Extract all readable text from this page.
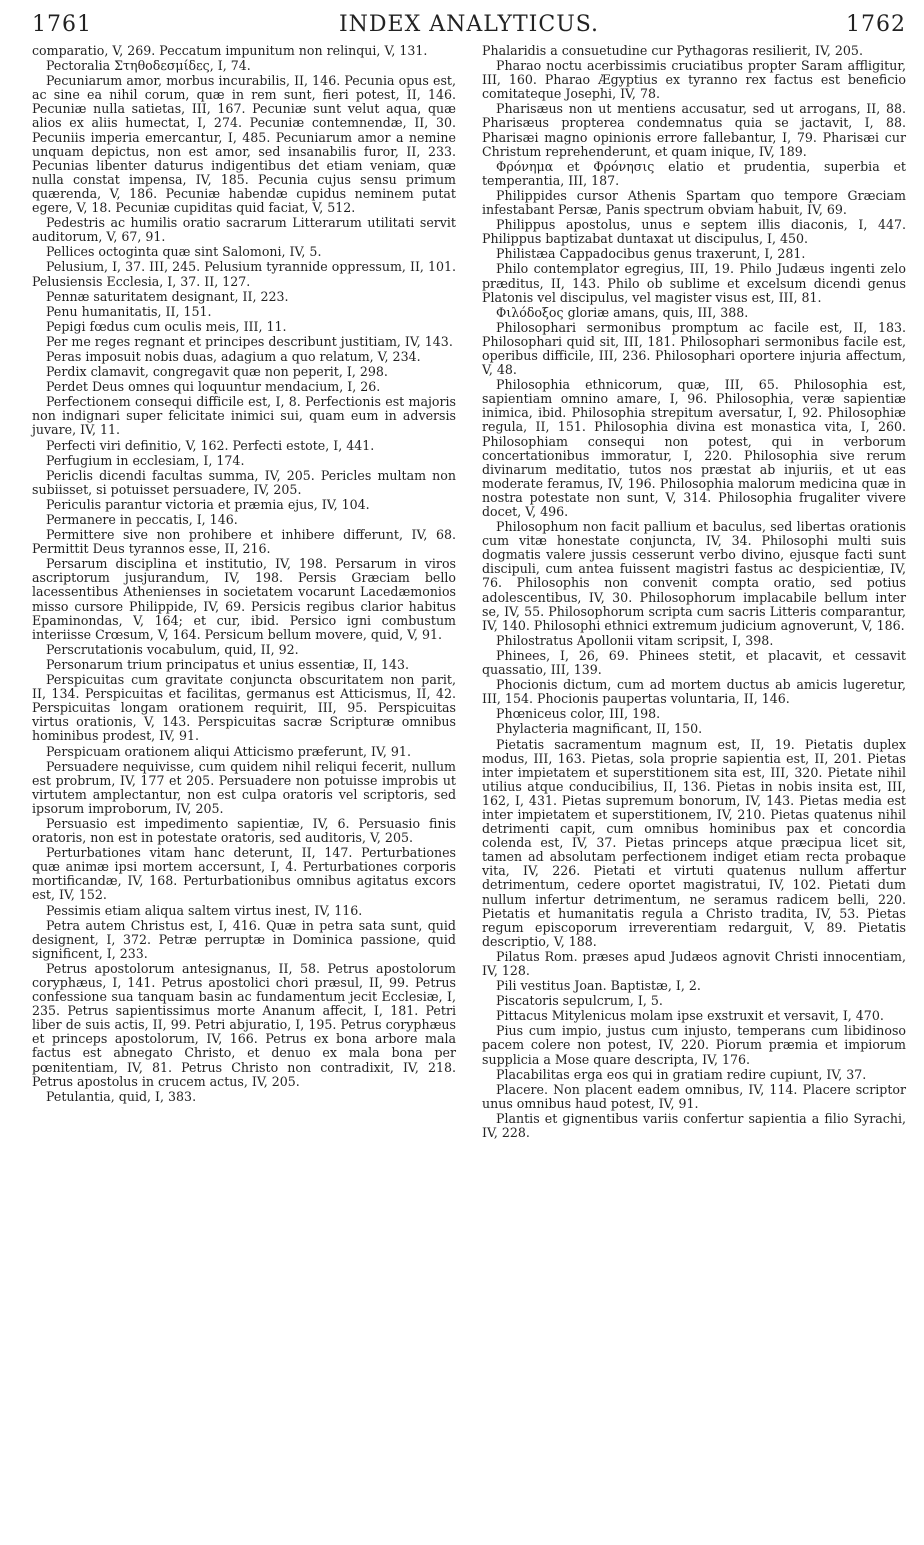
INDEX ANALYTICUS.
1761	1762

comparatio, V, 269. Peccatum impunitum non relinqui, V, 131.

Pectoralia Στηθοδεσμίδες, I, 74.

Pecuniarum amor, morbus incurabilis, II, 146. Pecunia opus est, ac sine ea nihil corum, quæ in rem sunt, fieri potest, II, 146. Pecuniæ nulla satietas, III, 167. Pecuniæ sunt velut aqua, quæ alios ex aliis humectat, I, 274. Pecuniæ contemnendæ, II, 30. Pecuniis imperia emercantur, I, 485. Pecuniarum amor a nemine unquam depictus, non est amor, sed insanabilis furor, II, 233. Pecunias libenter daturus indigentibus det etiam veniam, quæ nulla constat impensa, IV, 185. Pecunia cujus sensu primum quærenda, V, 186. Pecuniæ habendæ cupidus neminem putat egere, V, 18. Pecuniæ cupiditas quid faciat, V, 512.

Pedestris ac humilis oratio sacrarum Litterarum utilitati servit auditorum, V, 67, 91.

Pellices octoginta quæ sint Salomoni, IV, 5.

Pelusium, I, 37. III, 245. Pelusium tyrannide oppressum, II, 101. Pelusiensis Ecclesia, I, 37. II, 127.

Pennæ saturitatem designant, II, 223.

Penu humanitatis, II, 151.

Pepigi fœdus cum oculis meis, III, 11.

Per me reges regnant et principes describunt justitiam, IV, 143.

Peras imposuit nobis duas, adagium a quo relatum, V, 234.

Perdix clamavit, congregavit quæ non peperit, I, 298.

Perdet Deus omnes qui loquuntur mendacium, I, 26.

Perfectionem consequi difficile est, I, 8. Perfectionis est majoris non indignari super felicitate inimici sui, quam eum in adversis juvare, IV, 11.

Perfecti viri definitio, V, 162. Perfecti estote, I, 441.

Perfugium in ecclesiam, I, 174.

Periclis dicendi facultas summa, IV, 205. Pericles multam non subiisset, si potuisset persuadere, IV, 205.

Periculis parantur victoria et præmia ejus, IV, 104.

Permanere in peccatis, I, 146.

Permittere sive non prohibere et inhibere differunt, IV, 68. Permittit Deus tyrannos esse, II, 216.

Persarum disciplina et institutio, IV, 198. Persarum in viros ascriptorum jusjurandum, IV, 198. Persis Græciam bello lacessentibus Athenienses in societatem vocarunt Lacedæmonios misso cursore Philippide, IV, 69. Persicis regibus clarior habitus Epaminondas, V, 164; et cur, ibid. Persico igni combustum interiisse Crœsum, V, 164. Persicum bellum movere, quid, V, 91.

Perscrutationis vocabulum, quid, II, 92.

Personarum trium principatus et unius essentiæ, II, 143.

Perspicuitas cum gravitate conjuncta obscuritatem non parit, II, 134. Perspicuitas et facilitas, germanus est Atticismus, II, 42. Perspicuitas longam orationem requirit, III, 95. Perspicuitas virtus orationis, V, 143. Perspicuitas sacræ Scripturæ omnibus hominibus prodest, IV, 91.

Perspicuam orationem aliqui Atticismo præferunt, IV, 91.

Persuadere nequivisse, cum quidem nihil reliqui fecerit, nullum est probrum, IV, 177 et 205. Persuadere non potuisse improbis ut virtutem amplectantur, non est culpa oratoris vel scriptoris, sed ipsorum improborum, IV, 205.

Persuasio est impedimento sapientiæ, IV, 6. Persuasio finis oratoris, non est in potestate oratoris, sed auditoris, V, 205.

Perturbationes vitam hanc deterunt, II, 147. Perturbationes quæ animæ ipsi mortem accersunt, I, 4. Perturbationes corporis mortificandæ, IV, 168. Perturbationibus omnibus agitatus excors est, IV, 152.

Pessimis etiam aliqua saltem virtus inest, IV, 116.

Petra autem Christus est, I, 416. Quæ in petra sata sunt, quid designent, I, 372. Petræ perruptæ in Dominica passione, quid significent, I, 233.

Petrus apostolorum antesignanus, II, 58. Petrus apostolorum coryphæus, I, 141. Petrus apostolici chori præsul, II, 99. Petrus confessione sua tanquam basin ac fundamentum jecit Ecclesiæ, I, 235. Petrus sapientissimus morte Ananum affecit, I, 181. Petri liber de suis actis, II, 99. Petri abjuratio, I, 195. Petrus coryphæus et princeps apostolorum, IV, 166. Petrus ex bona arbore mala factus est abnegato Christo, et denuo ex mala bona per pœnitentiam, IV, 81. Petrus Christo non contradixit, IV, 218. Petrus apostolus in crucem actus, IV, 205.

Petulantia, quid, I, 383.

Phalaridis a consuetudine cur Pythagoras resilierit, IV, 205.

Pharao noctu acerbissimis cruciatibus propter Saram affligitur, III, 160. Pharao Ægyptius ex tyranno rex factus est beneficio comitateque Josephi, IV, 78.

Pharisæus non ut mentiens accusatur, sed ut arrogans, II, 88. Pharisæus propterea condemnatus quia se jactavit, I, 88. Pharisæi magno opinionis errore fallebantur, I, 79. Pharisæi cur Christum reprehenderunt, et quam inique, IV, 189.

Φρόνημα et Φρόνησις elatio et prudentia, superbia et temperantia, III, 187.

Philippides cursor Athenis Spartam quo tempore Græciam infestabant Persæ, Panis spectrum obviam habuit, IV, 69.

Philippus apostolus, unus e septem illis diaconis, I, 447. Philippus baptizabat duntaxat ut discipulus, I, 450.

Philistæa Cappadocibus genus traxerunt, I, 281.

Philo contemplator egregius, III, 19. Philo Judæus ingenti zelo præditus, II, 143. Philo ob sublime et excelsum dicendi genus Platonis vel discipulus, vel magister visus est, III, 81.

Φιλόδοξος gloriæ amans, quis, III, 388.

Philosophari sermonibus promptum ac facile est, II, 183. Philosophari quid sit, III, 181. Philosophari sermonibus facile est, operibus difficile, III, 236. Philosophari oportere injuria affectum, V, 48.

Philosophia ethnicorum, quæ, III, 65. Philosophia est, sapientiam omnino amare, I, 96. Philosophia, veræ sapientiæ inimica, ibid. Philosophia strepitum aversatur, I, 92. Philosophiæ regula, II, 151. Philosophia divina est monastica vita, I, 260. Philosophiam consequi non potest, qui in verborum concertationibus immoratur, I, 220. Philosophia sive rerum divinarum meditatio, tutos nos præstat ab injuriis, et ut eas moderate feramus, IV, 196. Philosophia malorum medicina quæ in nostra potestate non sunt, V, 314. Philosophia frugaliter vivere docet, V, 496.

Philosophum non facit pallium et baculus, sed libertas orationis cum vitæ honestate conjuncta, IV, 34. Philosophi multi suis dogmatis valere jussis cesserunt verbo divino, ejusque facti sunt discipuli, cum antea fuissent magistri fastus ac despicientiæ, IV, 76. Philosophis non convenit compta oratio, sed potius adolescentibus, IV, 30. Philosophorum implacabile bellum inter se, IV, 55. Philosophorum scripta cum sacris Litteris comparantur, IV, 140. Philosophi ethnici extremum judicium agnoverunt, V, 186.

Philostratus Apollonii vitam scripsit, I, 398.

Phinees, I, 26, 69. Phinees stetit, et placavit, et cessavit quassatio, III, 139.

Phocionis dictum, cum ad mortem ductus ab amicis lugeretur, III, 154. Phocionis paupertas voluntaria, II, 146.

Phœniceus color, III, 198.

Phylacteria magnificant, II, 150.

Pietatis sacramentum magnum est, II, 19. Pietatis duplex modus, III, 163. Pietas, sola proprie sapientia est, II, 201. Pietas inter impietatem et superstitionem sita est, III, 320. Pietate nihil utilius atque conducibilius, II, 136. Pietas in nobis insita est, III, 162, I, 431. Pietas supremum bonorum, IV, 143. Pietas media est inter impietatem et superstitionem, IV, 210. Pietas quatenus nihil detrimenti capit, cum omnibus hominibus pax et concordia colenda est, IV, 37. Pietas princeps atque præcipua licet sit, tamen ad absolutam perfectionem indiget etiam recta probaque vita, IV, 226. Pietati et virtuti quatenus nullum affertur detrimentum, cedere oportet magistratui, IV, 102. Pietati dum nullum infertur detrimentum, ne seramus radicem belli, 220. Pietatis et humanitatis regula a Christo tradita, IV, 53. Pietas regum episcoporum irreverentiam redarguit, V, 89. Pietatis descriptio, V, 188.

Pilatus Rom. præses apud Judæos agnovit Christi innocentiam, IV, 128.

Pili vestitus Joan. Baptistæ, I, 2.

Piscatoris sepulcrum, I, 5.

Pittacus Mitylenicus molam ipse exstruxit et versavit, I, 470.

Pius cum impio, justus cum injusto, temperans cum libidinoso pacem colere non potest, IV, 220. Piorum præmia et impiorum supplicia a Mose quare descripta, IV, 176.

Placabilitas erga eos qui in gratiam redire cupiunt, IV, 37.

Placere. Non placent eadem omnibus, IV, 114. Placere scriptor unus omnibus haud potest, IV, 91.

Plantis et gignentibus variis confertur sapientia a filio Syrachi, IV, 228.
